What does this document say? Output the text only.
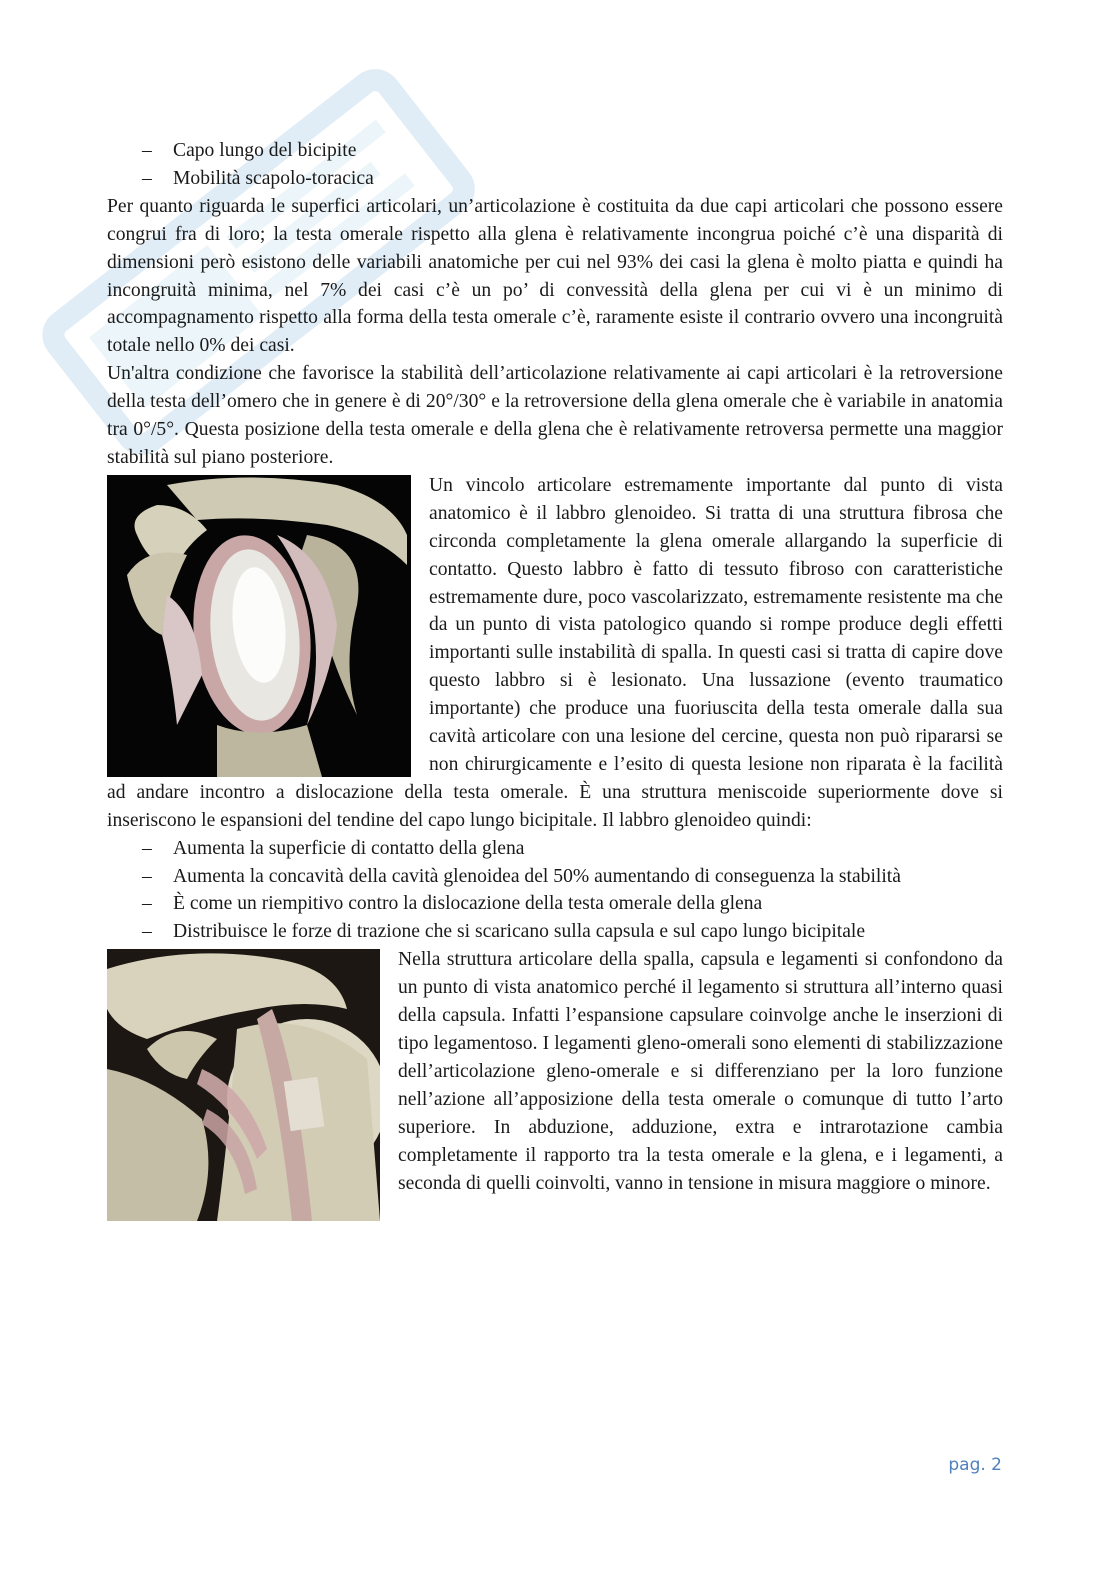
– Capo lungo del bicipite
– Mobilità scapolo-toracica

Per quanto riguarda le superfici articolari, un’articolazione è costituita da due capi articolari che possono essere congrui fra di loro; la testa omerale rispetto alla glena è relativamente incongrua poiché c’è una disparità di dimensioni però esistono delle variabili anatomiche per cui nel 93% dei casi la glena è molto piatta e quindi ha incongruità minima, nel 7% dei casi c’è un po’ di convessità della glena per cui vi è un minimo di accompagnamento rispetto alla forma della testa omerale c’è, raramente esiste il contrario ovvero una incongruità totale nello 0% dei casi.

Un'altra condizione che favorisce la stabilità dell’articolazione relativamente ai capi articolari è la retroversione della testa dell’omero che in genere è di 20°/30° e la retroversione della glena omerale che è variabile in anatomia tra 0°/5°. Questa posizione della testa omerale e della glena che è relativamente retroversa permette una maggior stabilità sul piano posteriore.

Un vincolo articolare estremamente importante dal punto di vista anatomico è il labbro glenoideo. Si tratta di una struttura fibrosa che circonda completamente la glena omerale allargando la superficie di contatto. Questo labbro è fatto di tessuto fibroso con caratteristiche estremamente dure, poco vascolarizzato, estremamente resistente ma che da un punto di vista patologico quando si rompe produce degli effetti importanti sulle instabilità di spalla. In questi casi si tratta di capire dove questo labbro si è lesionato. Una lussazione (evento traumatico importante) che produce una fuoriuscita della testa omerale dalla sua cavità articolare con una lesione del cercine, questa non può ripararsi se non chirurgicamente e l’esito di questa lesione non riparata è la facilità ad andare incontro a dislocazione della testa omerale. È una struttura meniscoide superiormente dove si inseriscono le espansioni del tendine del capo lungo bicipitale. Il labbro glenoideo quindi:

– Aumenta la superficie di contatto della glena
– Aumenta la concavità della cavità glenoidea del 50% aumentando di conseguenza la stabilità
– È come un riempitivo contro la dislocazione della testa omerale della glena
– Distribuisce le forze di trazione che si scaricano sulla capsula e sul capo lungo bicipitale

Nella struttura articolare della spalla, capsula e legamenti si confondono da un punto di vista anatomico perché il legamento si struttura all’interno quasi della capsula. Infatti l’espansione capsulare coinvolge anche le inserzioni di tipo legamentoso. I legamenti gleno-omerali sono elementi di stabilizzazione dell’articolazione gleno-omerale e si differenziano per la loro funzione nell’azione all’apposizione della testa omerale o comunque di tutto l’arto superiore. In abduzione, adduzione, extra e intrarotazione cambia completamente il rapporto tra la testa omerale e la glena, e i legamenti, a seconda di quelli coinvolti, vanno in tensione in misura maggiore o minore.

pag. 2
